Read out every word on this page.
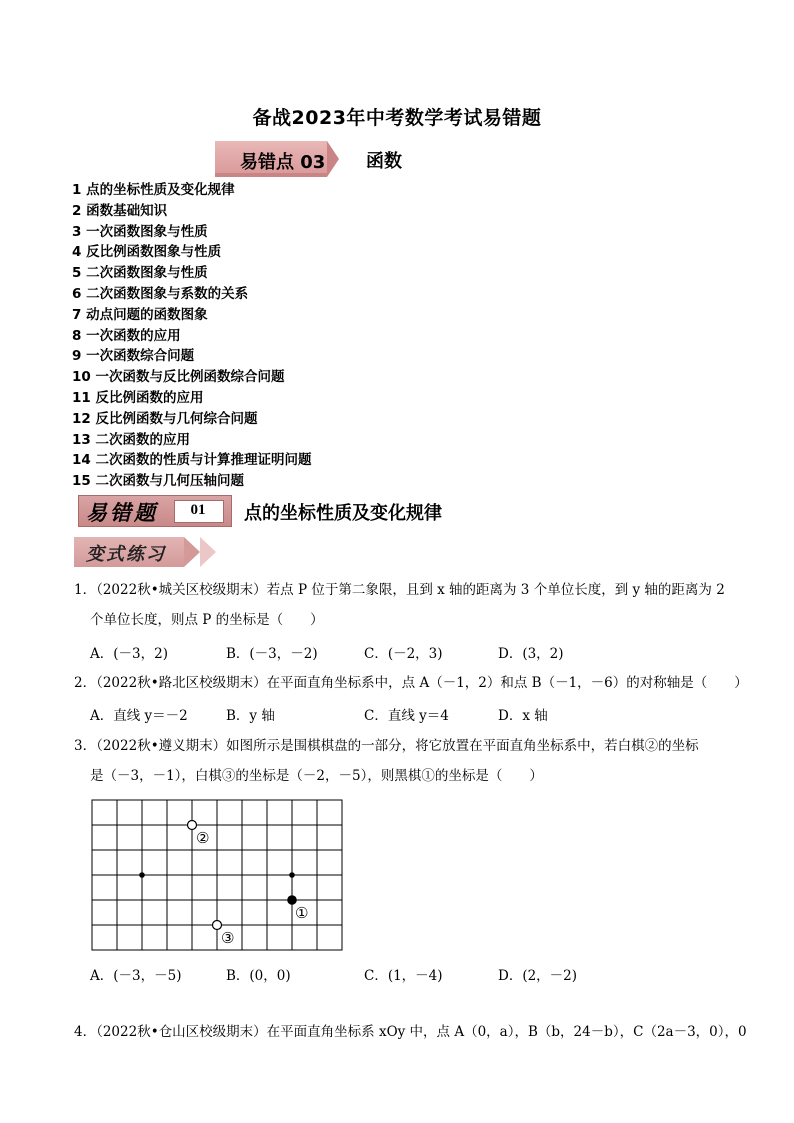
备战2023年中考数学考试易错题
易错点 03 函数
1 点的坐标性质及变化规律
2 函数基础知识
3 一次函数图象与性质
4 反比例函数图象与性质
5 二次函数图象与性质
6 二次函数图象与系数的关系
7 动点问题的函数图象
8 一次函数的应用
9 一次函数综合问题
10 一次函数与反比例函数综合问题
11 反比例函数的应用
12 反比例函数与几何综合问题
13 二次函数的应用
14 二次函数的性质与计算推理证明问题
15 二次函数与几何压轴问题
易错题	01	点的坐标性质及变化规律
变式练习
1．（2022秋•城关区校级期末）若点 P 位于第二象限，且到 x 轴的距离为 3 个单位长度，到 y 轴的距离为 2
个单位长度，则点 P 的坐标是（　　）
A．(－3，2)	B．(－3，－2)	C．(－2，3)	D．(3，2)
2．（2022秋•路北区校级期末）在平面直角坐标系中，点 A（－1，2）和点 B（－1，－6）的对称轴是（　　）
A．直线 y＝－2	B．y 轴	C．直线 y＝4	D．x 轴
3．（2022秋•遵义期末）如图所示是围棋棋盘的一部分，将它放置在平面直角坐标系中，若白棋②的坐标
是（－3，－1），白棋③的坐标是（－2，－5），则黑棋①的坐标是（　　）
②
③
①
A．(－3，－5)	B．(0，0)	C．(1，－4)	D．(2，－2)
4．（2022秋•仓山区校级期末）在平面直角坐标系 xOy 中，点 A（0，a），B（b，24－b），C（2a－3，0），0
